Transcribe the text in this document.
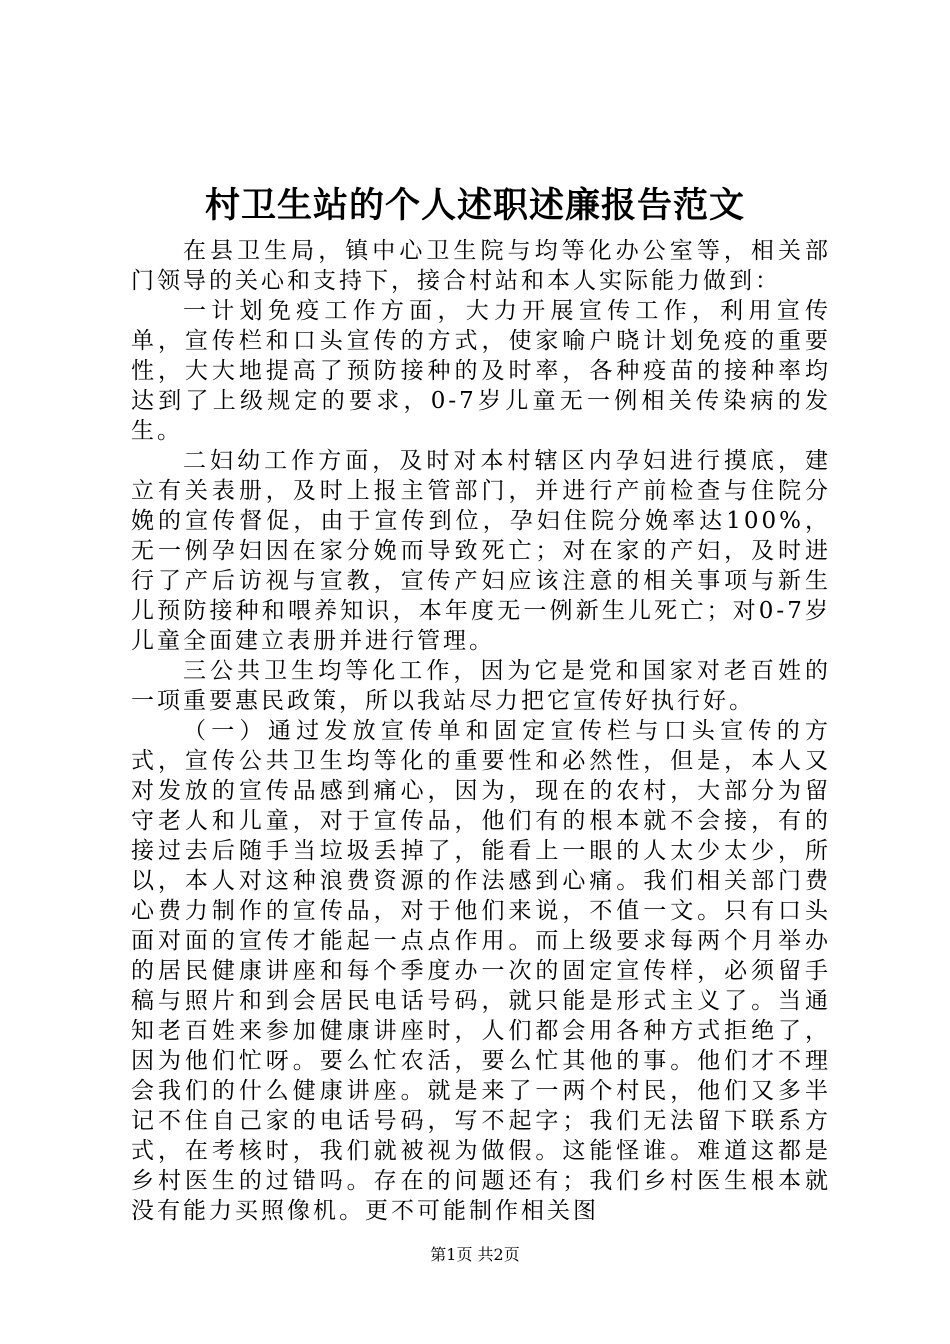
村卫生站的个人述职述廉报告范文

在县卫生局，镇中心卫生院与均等化办公室等，相关部门领导的关心和支持下，接合村站和本人实际能力做到：

一计划免疫工作方面，大力开展宣传工作，利用宣传单，宣传栏和口头宣传的方式，使家喻户晓计划免疫的重要性，大大地提高了预防接种的及时率，各种疫苗的接种率均达到了上级规定的要求，0-7岁儿童无一例相关传染病的发生。

二妇幼工作方面，及时对本村辖区内孕妇进行摸底，建立有关表册，及时上报主管部门，并进行产前检查与住院分娩的宣传督促，由于宣传到位，孕妇住院分娩率达100%，无一例孕妇因在家分娩而导致死亡；对在家的产妇，及时进行了产后访视与宣教，宣传产妇应该注意的相关事项与新生儿预防接种和喂养知识，本年度无一例新生儿死亡；对0-7岁儿童全面建立表册并进行管理。

三公共卫生均等化工作，因为它是党和国家对老百姓的一项重要惠民政策，所以我站尽力把它宣传好执行好。

（一）通过发放宣传单和固定宣传栏与口头宣传的方式，宣传公共卫生均等化的重要性和必然性，但是，本人又对发放的宣传品感到痛心，因为，现在的农村，大部分为留守老人和儿童，对于宣传品，他们有的根本就不会接，有的接过去后随手当垃圾丢掉了，能看上一眼的人太少太少，所以，本人对这种浪费资源的作法感到心痛。我们相关部门费心费力制作的宣传品，对于他们来说，不值一文。只有口头面对面的宣传才能起一点点作用。而上级要求每两个月举办的居民健康讲座和每个季度办一次的固定宣传样，必须留手稿与照片和到会居民电话号码，就只能是形式主义了。当通知老百姓来参加健康讲座时，人们都会用各种方式拒绝了，因为他们忙呀。要么忙农活，要么忙其他的事。他们才不理会我们的什么健康讲座。就是来了一两个村民，他们又多半记不住自己家的电话号码，写不起字；我们无法留下联系方式，在考核时，我们就被视为做假。这能怪谁。难道这都是乡村医生的过错吗。存在的问题还有；我们乡村医生根本就没有能力买照像机。更不可能制作相关图

第1页 共2页
